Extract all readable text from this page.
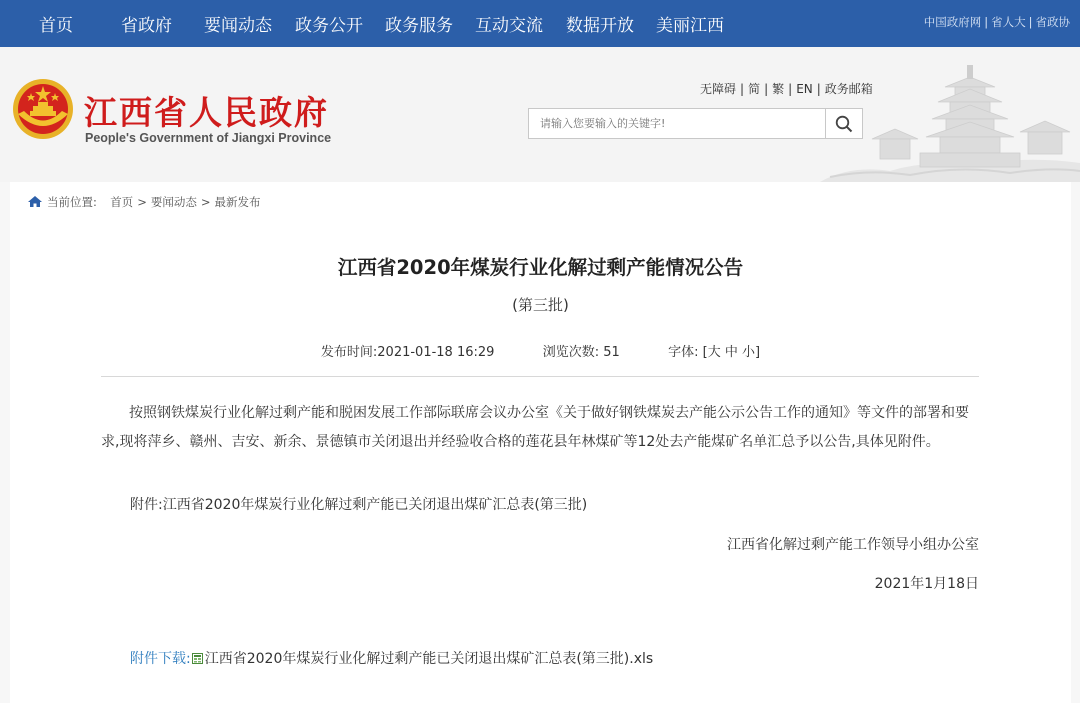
首页	省政府 要闻动态 政务公开 政务服务 互动交流 数据开放 美丽江西	中国政府网 | 省人大 | 省政协
江西省人民政府
People's Government of Jiangxi Province
无障碍 | 简 | 繁 | EN | 政务邮箱
请输入您要输入的关键字!
当前位置: 首页 > 要闻动态 > 最新发布
江西省2020年煤炭行业化解过剩产能情况公告
(第三批)
发布时间:2021-01-18 16:29	浏览次数: 51	字体: [大 中 小]

按照钢铁煤炭行业化解过剩产能和脱困发展工作部际联席会议办公室《关于做好钢铁煤炭去产能公示公告工作的通知》等文件的部署和要求,现将萍乡、赣州、吉安、新余、景德镇市关闭退出并经验收合格的莲花县年林煤矿等12处去产能煤矿名单汇总予以公告,具体见附件。

附件:江西省2020年煤炭行业化解过剩产能已关闭退出煤矿汇总表(第三批)
江西省化解过剩产能工作领导小组办公室
2021年1月18日
附件下载: 江西省2020年煤炭行业化解过剩产能已关闭退出煤矿汇总表(第三批).xls
